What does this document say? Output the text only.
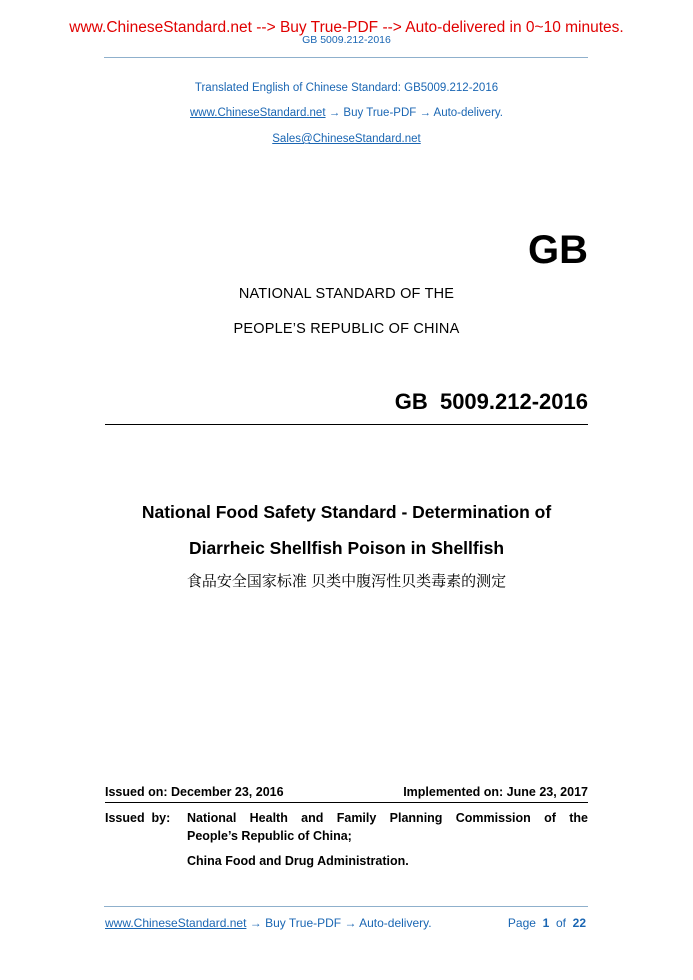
www.ChineseStandard.net --> Buy True-PDF --> Auto-delivered in 0~10 minutes.
GB 5009.212-2016
Translated English of Chinese Standard: GB5009.212-2016
www.ChineseStandard.net → Buy True-PDF → Auto-delivery.
Sales@ChineseStandard.net
GB
NATIONAL STANDARD OF THE
PEOPLE’S REPUBLIC OF CHINA
GB  5009.212-2016
National Food Safety Standard - Determination of
Diarrheic Shellfish Poison in Shellfish
食品安全国家标准 贝类中腹泻性贝类毒素的测定
Issued on: December 23, 2016	Implemented on: June 23, 2017
Issued  by: National Health and Family Planning Commission of the
People’s Republic of China;
China Food and Drug Administration.
www.ChineseStandard.net → Buy True-PDF → Auto-delivery.	Page 1 of 22
